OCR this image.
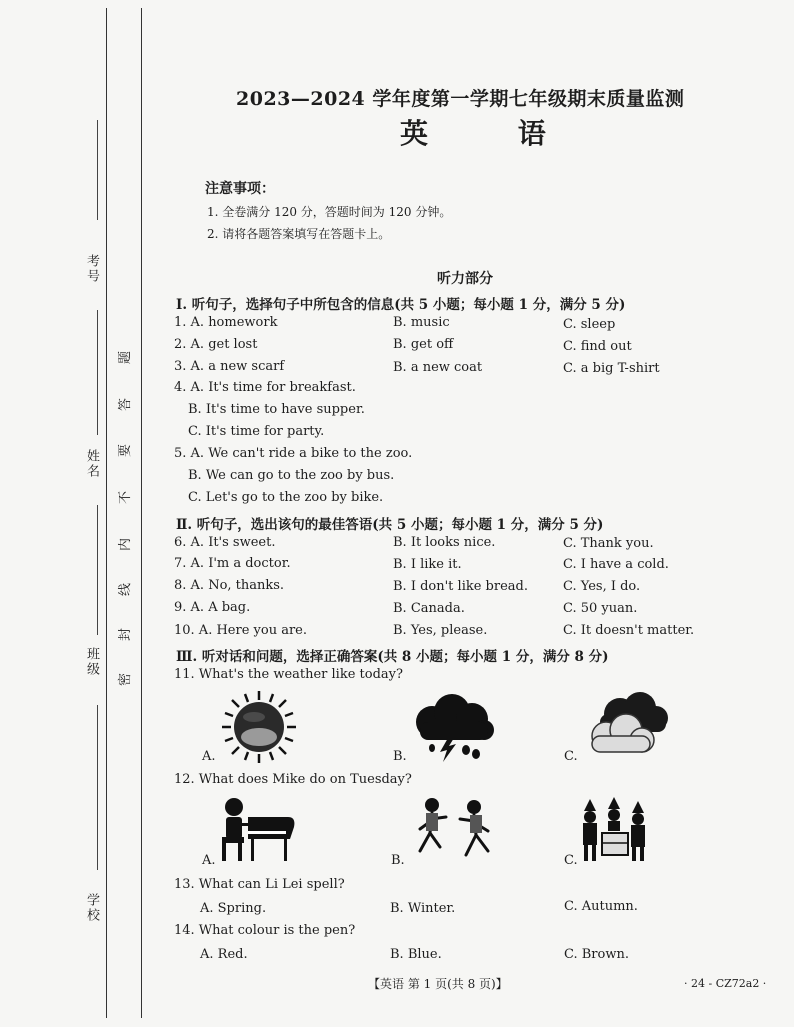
考号
姓名
班级
学校
密
封
线
内
不
要
答
题
2023—2024 学年度第一学期七年级期末质量监测
英 语
注意事项：
1. 全卷满分 120 分，答题时间为 120 分钟。
2. 请将各题答案填写在答题卡上。
听力部分
Ⅰ. 听句子，选择句子中所包含的信息(共 5 小题；每小题 1 分，满分 5 分)
1. A. homework	B. music	C. sleep
2. A. get lost	B. get off	C. find out
3. A. a new scarf	B. a new coat	C. a big T-shirt
4. A. It's time for breakfast.
B. It's time to have supper.
C. It's time for party.
5. A. We can't ride a bike to the zoo.
B. We can go to the zoo by bus.
C. Let's go to the zoo by bike.
Ⅱ. 听句子，选出该句的最佳答语(共 5 小题；每小题 1 分，满分 5 分)
6. A. It's sweet.	B. It looks nice.	C. Thank you.
7. A. I'm a doctor.	B. I like it.	C. I have a cold.
8. A. No, thanks.	B. I don't like bread.	C. Yes, I do.
9. A. A bag.	B. Canada.	C. 50 yuan.
10. A. Here you are.	B. Yes, please.	C. It doesn't matter.
Ⅲ. 听对话和问题，选择正确答案(共 8 小题；每小题 1 分，满分 8 分)
11. What's the weather like today?
A.	B.	C.
12. What does Mike do on Tuesday?
A.	B.	C.
13. What can Li Lei spell?
A. Spring.	B. Winter.	C. Autumn.
14. What colour is the pen?
A. Red.	B. Blue.	C. Brown.
【英语 第 1 页(共 8 页)】	· 24 - CZ72a2 ·
